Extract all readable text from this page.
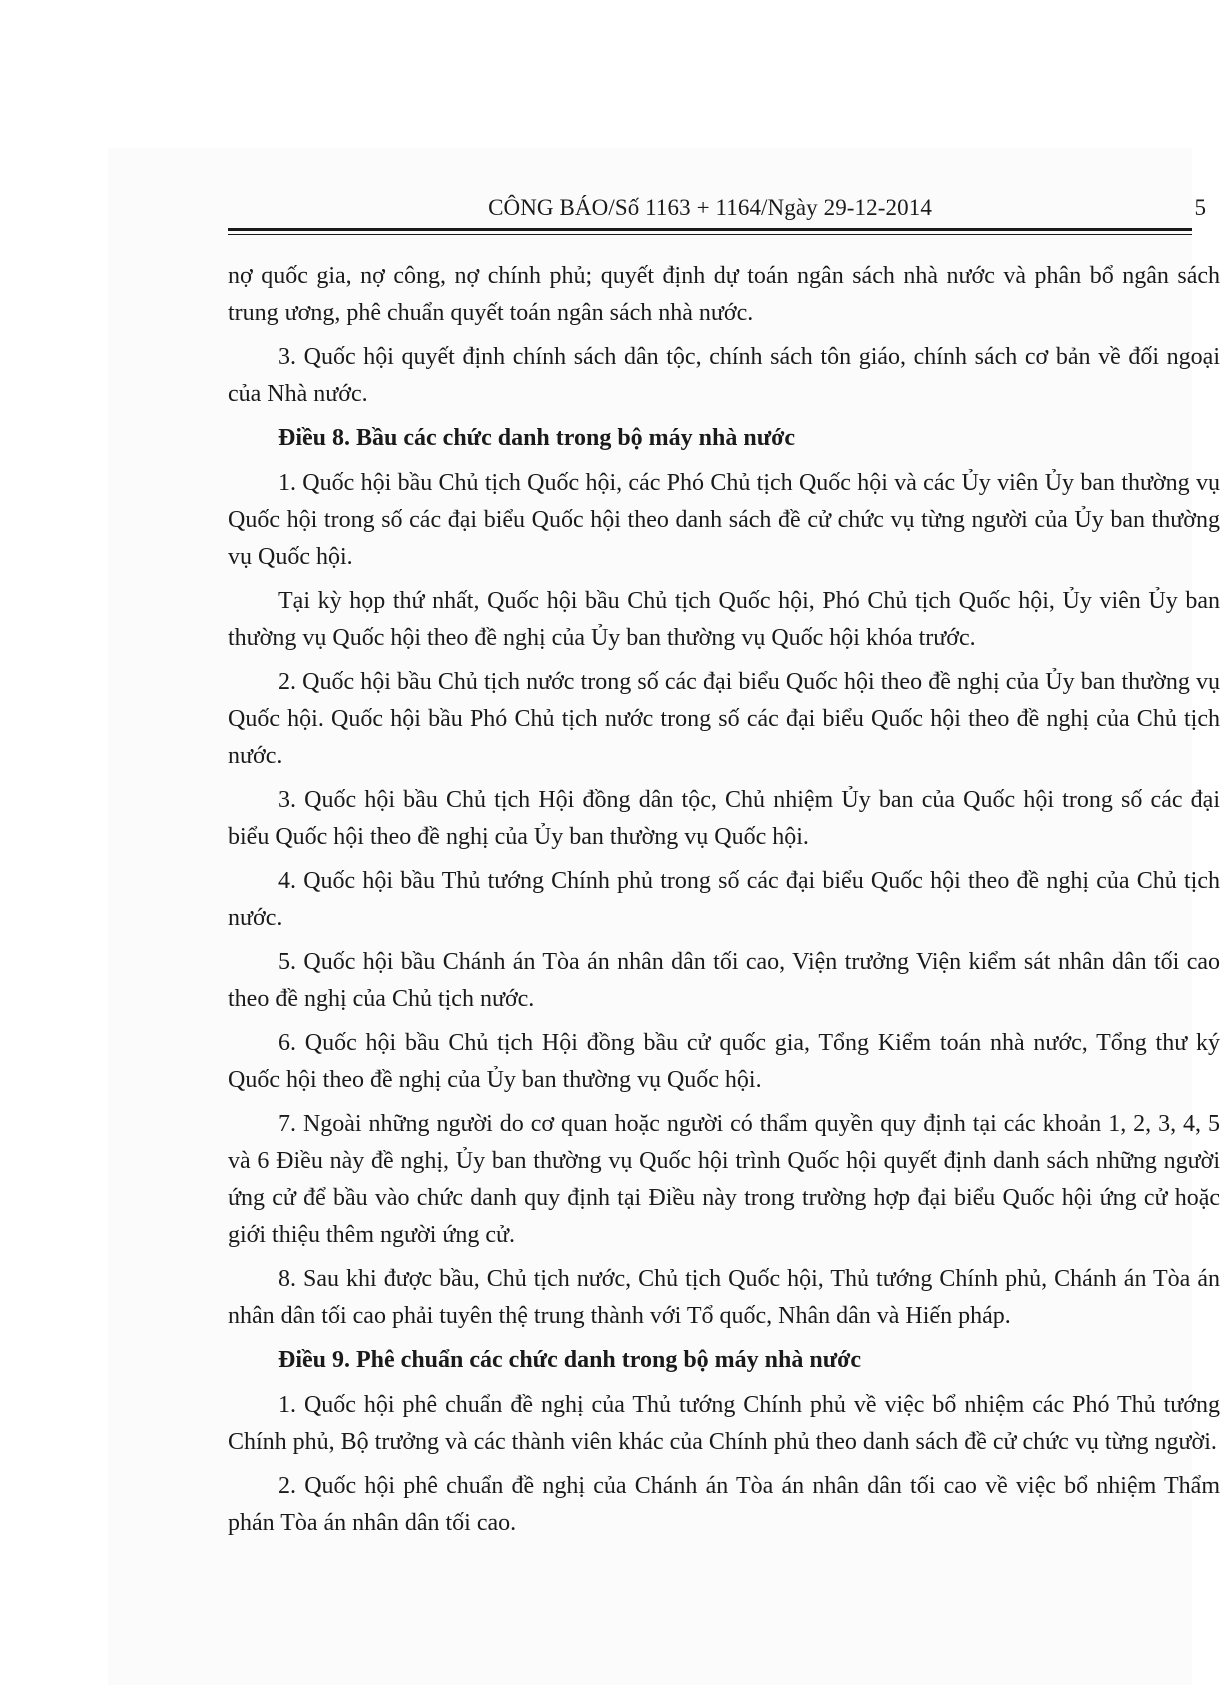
CÔNG BÁO/Số 1163 + 1164/Ngày 29-12-2014	5

nợ quốc gia, nợ công, nợ chính phủ; quyết định dự toán ngân sách nhà nước và phân bổ ngân sách trung ương, phê chuẩn quyết toán ngân sách nhà nước.

3. Quốc hội quyết định chính sách dân tộc, chính sách tôn giáo, chính sách cơ bản về đối ngoại của Nhà nước.

Điều 8. Bầu các chức danh trong bộ máy nhà nước

1. Quốc hội bầu Chủ tịch Quốc hội, các Phó Chủ tịch Quốc hội và các Ủy viên Ủy ban thường vụ Quốc hội trong số các đại biểu Quốc hội theo danh sách đề cử chức vụ từng người của Ủy ban thường vụ Quốc hội.

Tại kỳ họp thứ nhất, Quốc hội bầu Chủ tịch Quốc hội, Phó Chủ tịch Quốc hội, Ủy viên Ủy ban thường vụ Quốc hội theo đề nghị của Ủy ban thường vụ Quốc hội khóa trước.

2. Quốc hội bầu Chủ tịch nước trong số các đại biểu Quốc hội theo đề nghị của Ủy ban thường vụ Quốc hội. Quốc hội bầu Phó Chủ tịch nước trong số các đại biểu Quốc hội theo đề nghị của Chủ tịch nước.

3. Quốc hội bầu Chủ tịch Hội đồng dân tộc, Chủ nhiệm Ủy ban của Quốc hội trong số các đại biểu Quốc hội theo đề nghị của Ủy ban thường vụ Quốc hội.

4. Quốc hội bầu Thủ tướng Chính phủ trong số các đại biểu Quốc hội theo đề nghị của Chủ tịch nước.

5. Quốc hội bầu Chánh án Tòa án nhân dân tối cao, Viện trưởng Viện kiểm sát nhân dân tối cao theo đề nghị của Chủ tịch nước.

6. Quốc hội bầu Chủ tịch Hội đồng bầu cử quốc gia, Tổng Kiểm toán nhà nước, Tổng thư ký Quốc hội theo đề nghị của Ủy ban thường vụ Quốc hội.

7. Ngoài những người do cơ quan hoặc người có thẩm quyền quy định tại các khoản 1, 2, 3, 4, 5 và 6 Điều này đề nghị, Ủy ban thường vụ Quốc hội trình Quốc hội quyết định danh sách những người ứng cử để bầu vào chức danh quy định tại Điều này trong trường hợp đại biểu Quốc hội ứng cử hoặc giới thiệu thêm người ứng cử.

8. Sau khi được bầu, Chủ tịch nước, Chủ tịch Quốc hội, Thủ tướng Chính phủ, Chánh án Tòa án nhân dân tối cao phải tuyên thệ trung thành với Tổ quốc, Nhân dân và Hiến pháp.

Điều 9. Phê chuẩn các chức danh trong bộ máy nhà nước

1. Quốc hội phê chuẩn đề nghị của Thủ tướng Chính phủ về việc bổ nhiệm các Phó Thủ tướng Chính phủ, Bộ trưởng và các thành viên khác của Chính phủ theo danh sách đề cử chức vụ từng người.

2. Quốc hội phê chuẩn đề nghị của Chánh án Tòa án nhân dân tối cao về việc bổ nhiệm Thẩm phán Tòa án nhân dân tối cao.
